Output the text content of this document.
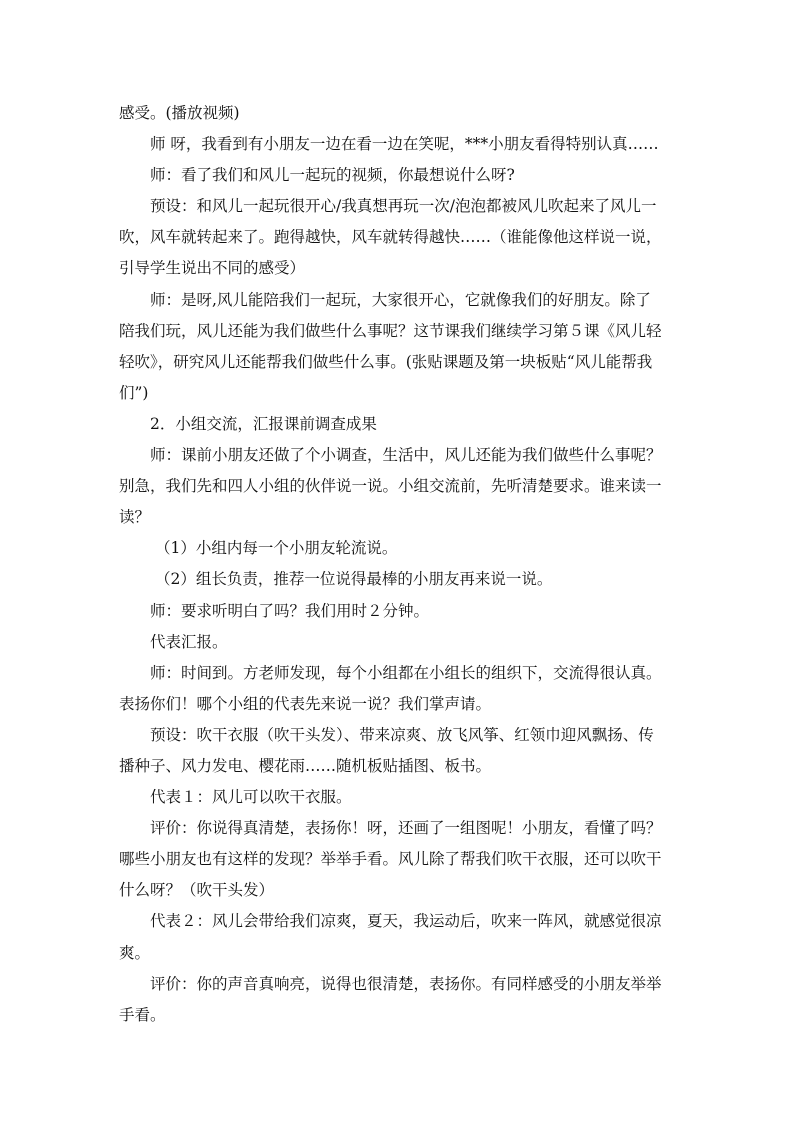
感受。(播放视频)
师 呀，我看到有小朋友一边在看一边在笑呢，***小朋友看得特别认真……
师：看了我们和风儿一起玩的视频，你最想说什么呀?
预设：和风儿一起玩很开心/我真想再玩一次/泡泡都被风儿吹起来了风儿一
吹，风车就转起来了。跑得越快，风车就转得越快……（谁能像他这样说一说，
引导学生说出不同的感受）
师：是呀,风儿能陪我们一起玩，大家很开心，它就像我们的好朋友。除了
陪我们玩，风儿还能为我们做些什么事呢？这节课我们继续学习第５课《风儿轻
轻吹》，研究风儿还能帮我们做些什么事。(张贴课题及第一块板贴“风儿能帮我
们”)
2．小组交流，汇报课前调查成果
师：课前小朋友还做了个小调查，生活中，风儿还能为我们做些什么事呢？
别急，我们先和四人小组的伙伴说一说。小组交流前，先听清楚要求。谁来读一
读？
（1）小组内每一个小朋友轮流说。
（2）组长负责，推荐一位说得最棒的小朋友再来说一说。
师：要求听明白了吗？我们用时２分钟。
代表汇报。
师：时间到。方老师发现，每个小组都在小组长的组织下，交流得很认真。
表扬你们！哪个小组的代表先来说一说？我们掌声请。
预设：吹干衣服（吹干头发）、带来凉爽、放飞风筝、红领巾迎风飘扬、传
播种子、风力发电、樱花雨……随机板贴插图、板书。
代表１：风儿可以吹干衣服。
评价：你说得真清楚，表扬你！呀，还画了一组图呢！小朋友，看懂了吗？
哪些小朋友也有这样的发现？举举手看。风儿除了帮我们吹干衣服，还可以吹干
什么呀？（吹干头发）
代表２：风儿会带给我们凉爽，夏天，我运动后，吹来一阵风，就感觉很凉
爽。
评价：你的声音真响亮，说得也很清楚，表扬你。有同样感受的小朋友举举
手看。
